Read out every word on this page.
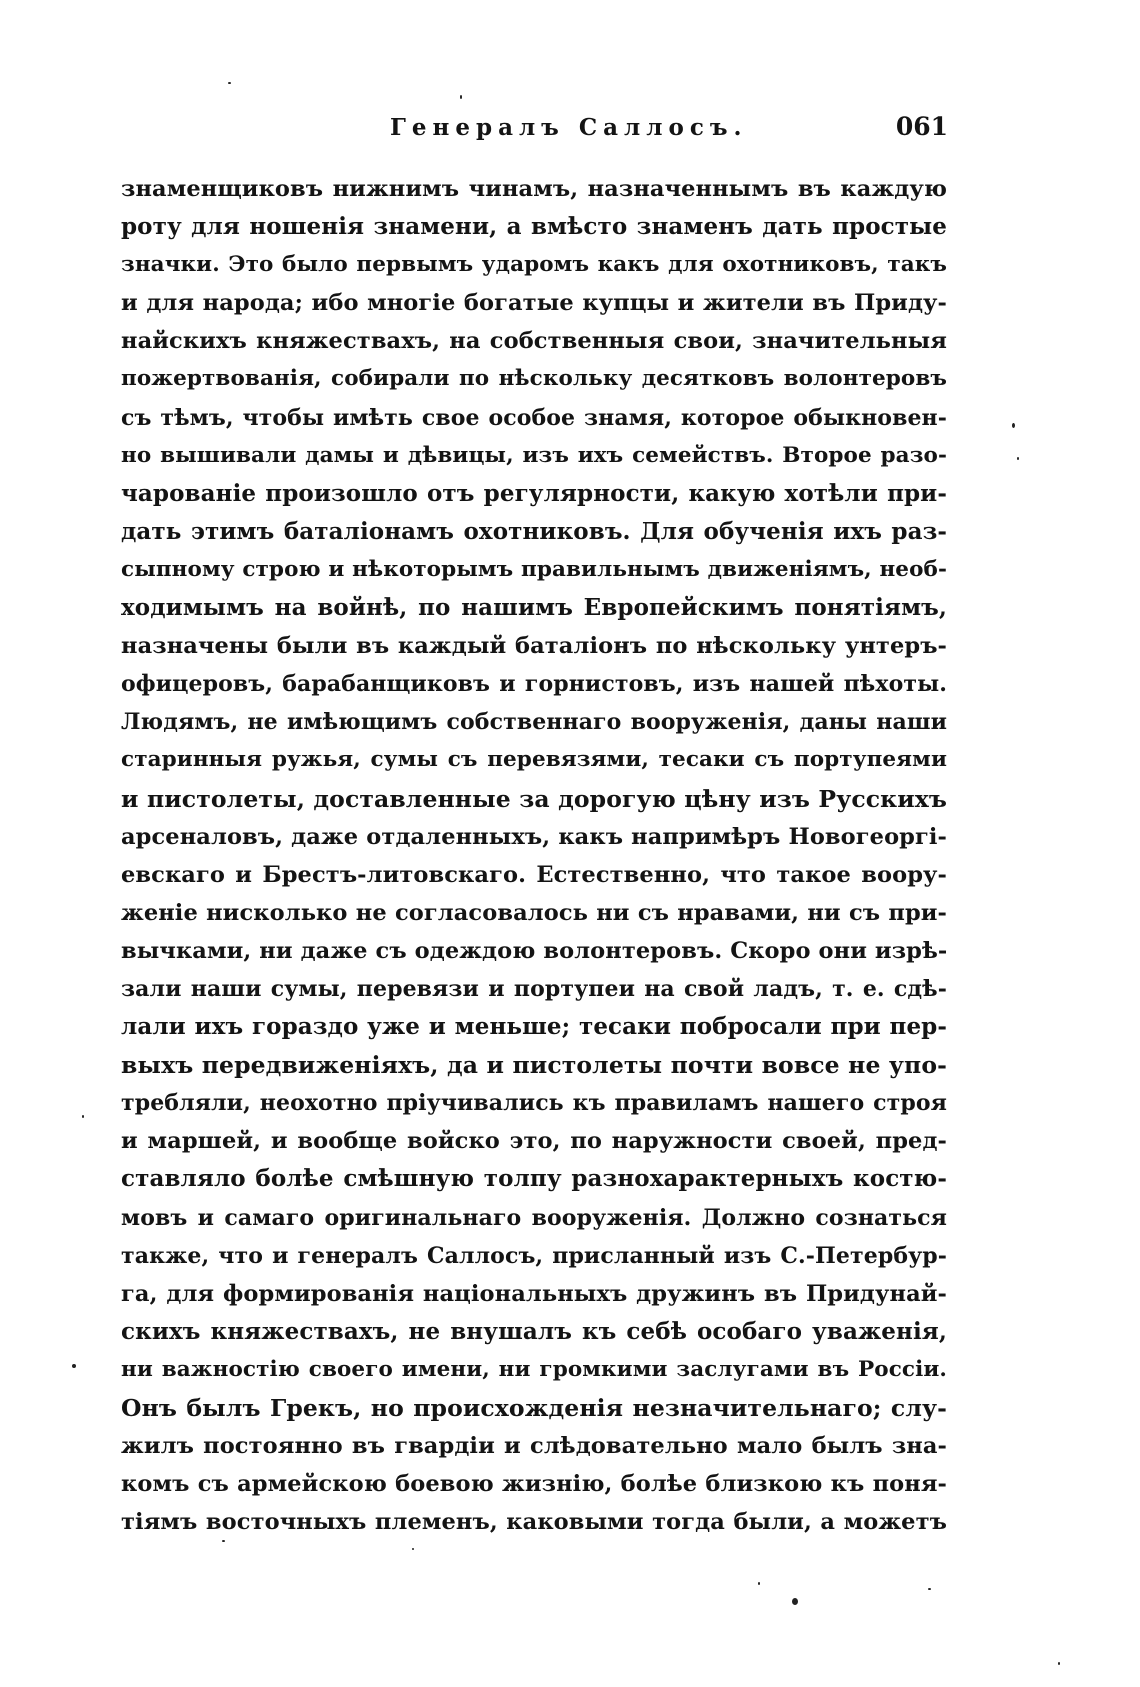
Генералъ Саллосъ.	061
знаменщиковъ нижнимъ чинамъ, назначеннымъ въ каждую
роту для ношенія знамени, а вмѣсто знаменъ дать простые
значки. Это было первымъ ударомъ какъ для охотниковъ, такъ
и для народа; ибо многіе богатые купцы и жители въ Приду-
найскихъ княжествахъ, на собственныя свои, значительныя
пожертвованія, собирали по нѣскольку десятковъ волонтеровъ
съ тѣмъ, чтобы имѣть свое особое знамя, которое обыкновен-
но вышивали дамы и дѣвицы, изъ ихъ семействъ. Второе разо-
чарованіе произошло отъ регулярности, какую хотѣли при-
дать этимъ баталіонамъ охотниковъ. Для обученія ихъ раз-
сыпному строю и нѣкоторымъ правильнымъ движеніямъ, необ-
ходимымъ на войнѣ, по нашимъ Европейскимъ понятіямъ,
назначены были въ каждый баталіонъ по нѣскольку унтеръ-
офицеровъ, барабанщиковъ и горнистовъ, изъ нашей пѣхоты.
Людямъ, не имѣющимъ собственнаго вооруженія, даны наши
старинныя ружья, сумы съ перевязями, тесаки съ портупеями
и пистолеты, доставленные за дорогую цѣну изъ Русскихъ
арсеналовъ, даже отдаленныхъ, какъ напримѣръ Новогеоргі-
евскаго и Брестъ-литовскаго. Естественно, что такое воору-
женіе нисколько не согласовалось ни съ нравами, ни съ при-
вычками, ни даже съ одеждою волонтеровъ. Скоро они изрѣ-
зали наши сумы, перевязи и портупеи на свой ладъ, т. е. сдѣ-
лали ихъ гораздо уже и меньше; тесаки побросали при пер-
выхъ передвиженіяхъ, да и пистолеты почти вовсе не упо-
требляли, неохотно пріучивались къ правиламъ нашего строя
и маршей, и вообще войско это, по наружности своей, пред-
ставляло болѣе смѣшную толпу разнохарактерныхъ костю-
мовъ и самаго оригинальнаго вооруженія. Должно сознаться
также, что и генералъ Саллосъ, присланный изъ С.-Петербур-
га, для формированія національныхъ дружинъ въ Придунай-
скихъ княжествахъ, не внушалъ къ себѣ особаго уваженія,
ни важностію своего имени, ни громкими заслугами въ Россіи.
Онъ былъ Грекъ, но происхожденія незначительнаго; слу-
жилъ постоянно въ гвардіи и слѣдовательно мало былъ зна-
комъ съ армейскою боевою жизнію, болѣе близкою къ поня-
тіямъ восточныхъ племенъ, каковыми тогда были, а можетъ
